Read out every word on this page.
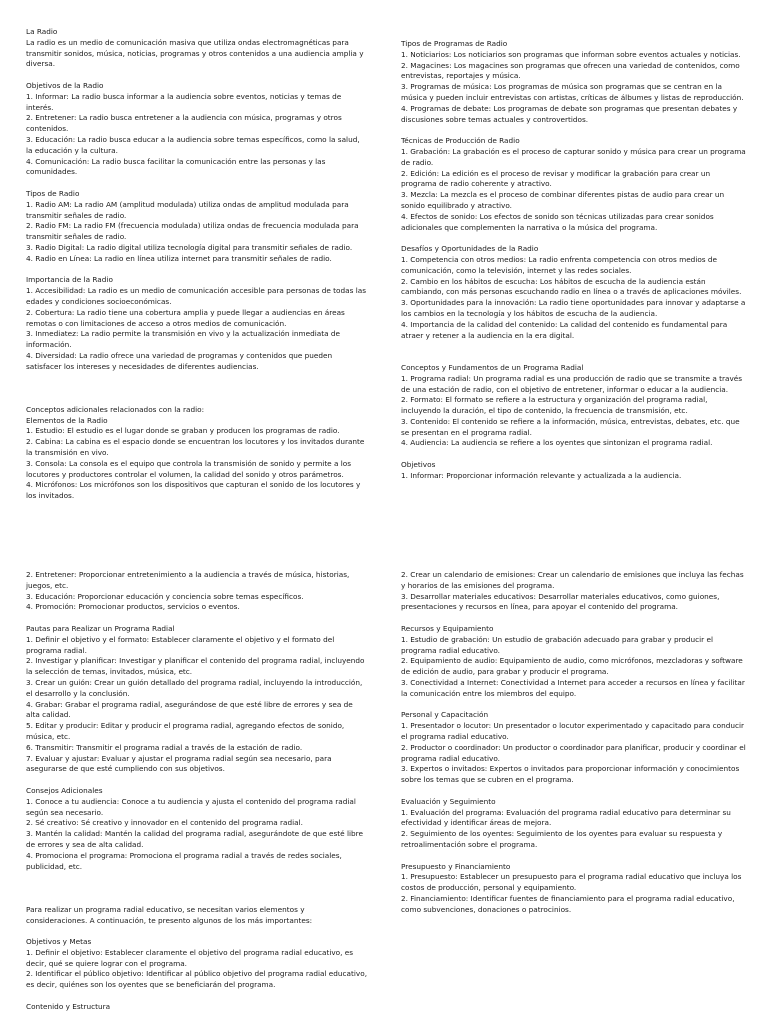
La Radio

La radio es un medio de comunicación masiva que utiliza ondas electromagnéticas para transmitir sonidos, música, noticias, programas y otros contenidos a una audiencia amplia y diversa.

Objetivos de la Radio

1. Informar: La radio busca informar a la audiencia sobre eventos, noticias y temas de interés.

2. Entretener: La radio busca entretener a la audiencia con música, programas y otros contenidos.

3. Educación: La radio busca educar a la audiencia sobre temas específicos, como la salud, la educación y la cultura.

4. Comunicación: La radio busca facilitar la comunicación entre las personas y las comunidades.

Tipos de Radio

1. Radio AM: La radio AM (amplitud modulada) utiliza ondas de amplitud modulada para transmitir señales de radio.

2. Radio FM: La radio FM (frecuencia modulada) utiliza ondas de frecuencia modulada para transmitir señales de radio.

3. Radio Digital: La radio digital utiliza tecnología digital para transmitir señales de radio.

4. Radio en Línea: La radio en línea utiliza internet para transmitir señales de radio.

Importancia de la Radio

1. Accesibilidad: La radio es un medio de comunicación accesible para personas de todas las edades y condiciones socioeconómicas.

2. Cobertura: La radio tiene una cobertura amplia y puede llegar a audiencias en áreas remotas o con limitaciones de acceso a otros medios de comunicación.

3. Inmediatez: La radio permite la transmisión en vivo y la actualización inmediata de información.

4. Diversidad: La radio ofrece una variedad de programas y contenidos que pueden satisfacer los intereses y necesidades de diferentes audiencias.

Conceptos adicionales relacionados con la radio:

Elementos de la Radio

1. Estudio: El estudio es el lugar donde se graban y producen los programas de radio.

2. Cabina: La cabina es el espacio donde se encuentran los locutores y los invitados durante la transmisión en vivo.

3. Consola: La consola es el equipo que controla la transmisión de sonido y permite a los locutores y productores controlar el volumen, la calidad del sonido y otros parámetros.

4. Micrófonos: Los micrófonos son los dispositivos que capturan el sonido de los locutores y los invitados.

Tipos de Programas de Radio

1. Noticiarios: Los noticiarios son programas que informan sobre eventos actuales y noticias.

2. Magacines: Los magacines son programas que ofrecen una variedad de contenidos, como entrevistas, reportajes y música.

3. Programas de música: Los programas de música son programas que se centran en la música y pueden incluir entrevistas con artistas, críticas de álbumes y listas de reproducción.

4. Programas de debate: Los programas de debate son programas que presentan debates y discusiones sobre temas actuales y controvertidos.

Técnicas de Producción de Radio

1. Grabación: La grabación es el proceso de capturar sonido y música para crear un programa de radio.

2. Edición: La edición es el proceso de revisar y modificar la grabación para crear un programa de radio coherente y atractivo.

3. Mezcla: La mezcla es el proceso de combinar diferentes pistas de audio para crear un sonido equilibrado y atractivo.

4. Efectos de sonido: Los efectos de sonido son técnicas utilizadas para crear sonidos adicionales que complementen la narrativa o la música del programa.

Desafíos y Oportunidades de la Radio

1. Competencia con otros medios: La radio enfrenta competencia con otros medios de comunicación, como la televisión, internet y las redes sociales.

2. Cambio en los hábitos de escucha: Los hábitos de escucha de la audiencia están cambiando, con más personas escuchando radio en línea o a través de aplicaciones móviles.

3. Oportunidades para la innovación: La radio tiene oportunidades para innovar y adaptarse a los cambios en la tecnología y los hábitos de escucha de la audiencia.

4. Importancia de la calidad del contenido: La calidad del contenido es fundamental para atraer y retener a la audiencia en la era digital.

Conceptos y Fundamentos de un Programa Radial

1. Programa radial: Un programa radial es una producción de radio que se transmite a través de una estación de radio, con el objetivo de entretener, informar o educar a la audiencia.

2. Formato: El formato se refiere a la estructura y organización del programa radial, incluyendo la duración, el tipo de contenido, la frecuencia de transmisión, etc.

3. Contenido: El contenido se refiere a la información, música, entrevistas, debates, etc. que se presentan en el programa radial.

4. Audiencia: La audiencia se refiere a los oyentes que sintonizan el programa radial.

Objetivos

1. Informar: Proporcionar información relevante y actualizada a la audiencia.

2. Entretener: Proporcionar entretenimiento a la audiencia a través de música, historias, juegos, etc.

3. Educación: Proporcionar educación y conciencia sobre temas específicos.

4. Promoción: Promocionar productos, servicios o eventos.

Pautas para Realizar un Programa Radial

1. Definir el objetivo y el formato: Establecer claramente el objetivo y el formato del programa radial.

2. Investigar y planificar: Investigar y planificar el contenido del programa radial, incluyendo la selección de temas, invitados, música, etc.

3. Crear un guión: Crear un guión detallado del programa radial, incluyendo la introducción, el desarrollo y la conclusión.

4. Grabar: Grabar el programa radial, asegurándose de que esté libre de errores y sea de alta calidad.

5. Editar y producir: Editar y producir el programa radial, agregando efectos de sonido, música, etc.

6. Transmitir: Transmitir el programa radial a través de la estación de radio.

7. Evaluar y ajustar: Evaluar y ajustar el programa radial según sea necesario, para asegurarse de que esté cumpliendo con sus objetivos.

Consejos Adicionales

1. Conoce a tu audiencia: Conoce a tu audiencia y ajusta el contenido del programa radial según sea necesario.

2. Sé creativo: Sé creativo y innovador en el contenido del programa radial.

3. Mantén la calidad: Mantén la calidad del programa radial, asegurándote de que esté libre de errores y sea de alta calidad.

4. Promociona el programa: Promociona el programa radial a través de redes sociales, publicidad, etc.

Para realizar un programa radial educativo, se necesitan varios elementos y consideraciones. A continuación, te presento algunos de los más importantes:

Objetivos y Metas

1. Definir el objetivo: Establecer claramente el objetivo del programa radial educativo, es decir, qué se quiere lograr con el programa.

2. Identificar el público objetivo: Identificar al público objetivo del programa radial educativo, es decir, quiénes son los oyentes que se beneficiarán del programa.

Contenido y Estructura

2. Crear un calendario de emisiones: Crear un calendario de emisiones que incluya las fechas y horarios de las emisiones del programa.

3. Desarrollar materiales educativos: Desarrollar materiales educativos, como guiones, presentaciones y recursos en línea, para apoyar el contenido del programa.

Recursos y Equipamiento

1. Estudio de grabación: Un estudio de grabación adecuado para grabar y producir el programa radial educativo.

2. Equipamiento de audio: Equipamiento de audio, como micrófonos, mezcladoras y software de edición de audio, para grabar y producir el programa.

3. Conectividad a Internet: Conectividad a Internet para acceder a recursos en línea y facilitar la comunicación entre los miembros del equipo.

Personal y Capacitación

1. Presentador o locutor: Un presentador o locutor experimentado y capacitado para conducir el programa radial educativo.

2. Productor o coordinador: Un productor o coordinador para planificar, producir y coordinar el programa radial educativo.

3. Expertos o invitados: Expertos o invitados para proporcionar información y conocimientos sobre los temas que se cubren en el programa.

Evaluación y Seguimiento

1. Evaluación del programa: Evaluación del programa radial educativo para determinar su efectividad y identificar áreas de mejora.

2. Seguimiento de los oyentes: Seguimiento de los oyentes para evaluar su respuesta y retroalimentación sobre el programa.

Presupuesto y Financiamiento

1. Presupuesto: Establecer un presupuesto para el programa radial educativo que incluya los costos de producción, personal y equipamiento.

2. Financiamiento: Identificar fuentes de financiamiento para el programa radial educativo, como subvenciones, donaciones o patrocinios.
